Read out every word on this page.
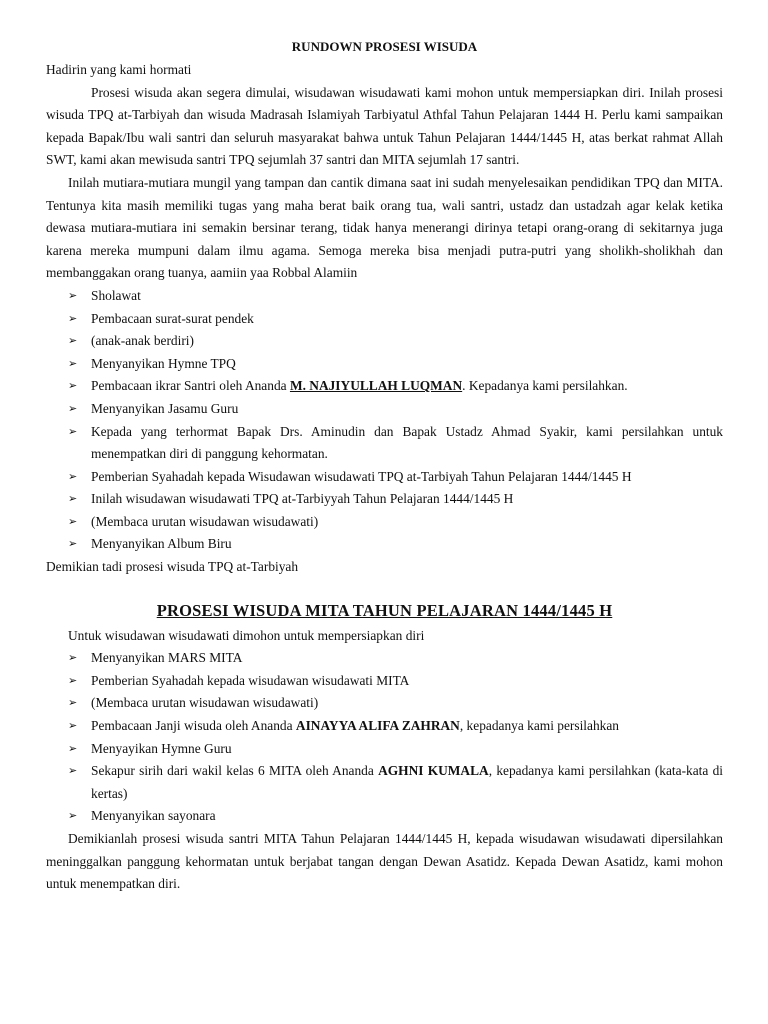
RUNDOWN PROSESI WISUDA
Hadirin yang kami hormati
Prosesi wisuda akan segera dimulai, wisudawan wisudawati kami mohon untuk mempersiapkan diri. Inilah prosesi wisuda TPQ at-Tarbiyah dan wisuda Madrasah Islamiyah Tarbiyatul Athfal Tahun Pelajaran 1444 H. Perlu kami sampaikan kepada Bapak/Ibu wali santri dan seluruh masyarakat bahwa untuk Tahun Pelajaran 1444/1445 H, atas berkat rahmat Allah SWT, kami akan mewisuda santri TPQ sejumlah 37 santri dan MITA sejumlah 17 santri.
Inilah mutiara-mutiara mungil yang tampan dan cantik dimana saat ini sudah menyelesaikan pendidikan TPQ dan MITA. Tentunya kita masih memiliki tugas yang maha berat baik orang tua, wali santri, ustadz dan ustadzah agar kelak ketika dewasa mutiara-mutiara ini semakin bersinar terang, tidak hanya menerangi dirinya tetapi orang-orang di sekitarnya juga karena mereka mumpuni dalam ilmu agama. Semoga mereka bisa menjadi putra-putri yang sholikh-sholikhah dan membanggakan orang tuanya, aamiin yaa Robbal Alamiin
➢ Sholawat
➢ Pembacaan surat-surat pendek
➢ (anak-anak berdiri)
➢ Menyanyikan Hymne TPQ
➢ Pembacaan ikrar Santri oleh Ananda M. NAJIYULLAH LUQMAN. Kepadanya kami persilahkan.
➢ Menyanyikan Jasamu Guru
➢ Kepada yang terhormat Bapak Drs. Aminudin dan Bapak Ustadz Ahmad Syakir, kami persilahkan untuk menempatkan diri di panggung kehormatan.
➢ Pemberian Syahadah kepada Wisudawan wisudawati TPQ at-Tarbiyah Tahun Pelajaran 1444/1445 H
➢ Inilah wisudawan wisudawati TPQ at-Tarbiyyah Tahun Pelajaran 1444/1445 H
➢ (Membaca urutan wisudawan wisudawati)
➢ Menyanyikan Album Biru
Demikian tadi prosesi wisuda TPQ at-Tarbiyah
PROSESI WISUDA MITA TAHUN PELAJARAN 1444/1445 H
Untuk wisudawan wisudawati dimohon untuk mempersiapkan diri
➢ Menyanyikan MARS MITA
➢ Pemberian Syahadah kepada wisudawan wisudawati MITA
➢ (Membaca urutan wisudawan wisudawati)
➢ Pembacaan Janji wisuda oleh Ananda AINAYYA ALIFA ZAHRAN, kepadanya kami persilahkan
➢ Menyayikan Hymne Guru
➢ Sekapur sirih dari wakil kelas 6 MITA oleh Ananda AGHNI KUMALA, kepadanya kami persilahkan (kata-kata di kertas)
➢ Menyanyikan sayonara
Demikianlah prosesi wisuda santri MITA Tahun Pelajaran 1444/1445 H, kepada wisudawan wisudawati dipersilahkan meninggalkan panggung kehormatan untuk berjabat tangan dengan Dewan Asatidz. Kepada Dewan Asatidz, kami mohon untuk menempatkan diri.
